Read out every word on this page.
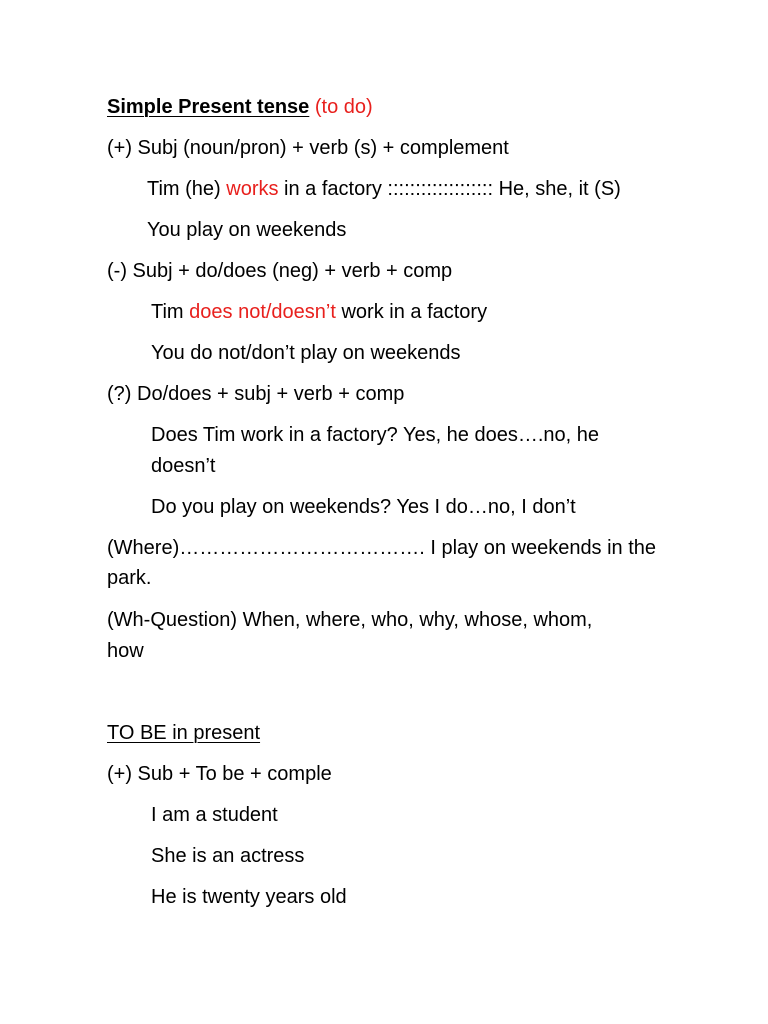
Simple Present tense (to do)
(+) Subj (noun/pron) + verb (s) + complement
Tim (he) works in a factory ::::::::::::::::::: He, she, it (S)
You play on weekends
(-) Subj + do/does (neg) + verb + comp
Tim does not/doesn’t work in a factory
You do not/don’t play on weekends
(?) Do/does + subj + verb + comp
Does Tim work in a factory? Yes, he does….no, he
doesn’t
Do you play on weekends? Yes I do…no, I don’t
(Where)………………………………. I play on weekends in the
park.
(Wh-Question) When, where, who, why, whose, whom,
how
TO BE in present
(+) Sub + To be + comple
I am a student
She is an actress
He is twenty years old
